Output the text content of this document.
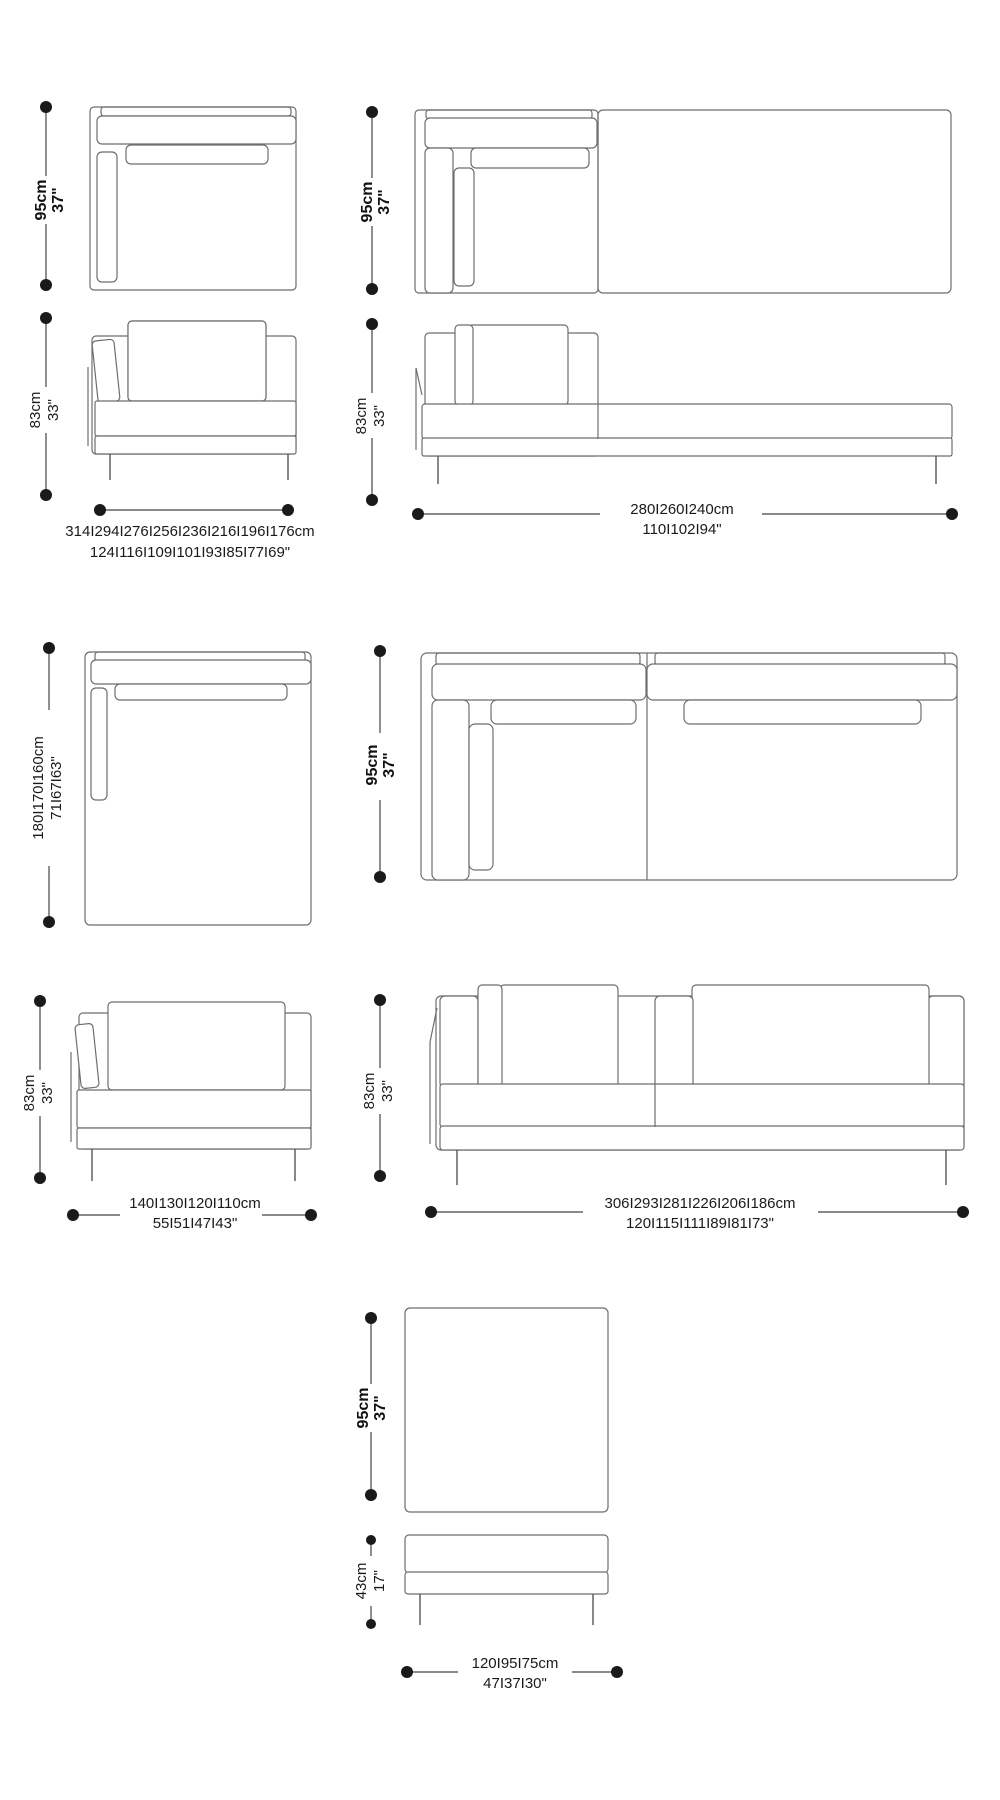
95cm 37"
83cm 33"
314I294I276I256I236I216I196I176cm
124I116I109I101I93I85I77I69"
95cm 37"
83cm 33"
280I260I240cm
110I102I94"
180I170I160cm 71I67I63"
83cm 33"
140I130I120I110cm
55I51I47I43"
95cm 37"
83cm 33"
306I293I281I226I206I186cm
120I115I111I89I81I73"
95cm 37"
43cm 17"
120I95I75cm
47I37I30"
